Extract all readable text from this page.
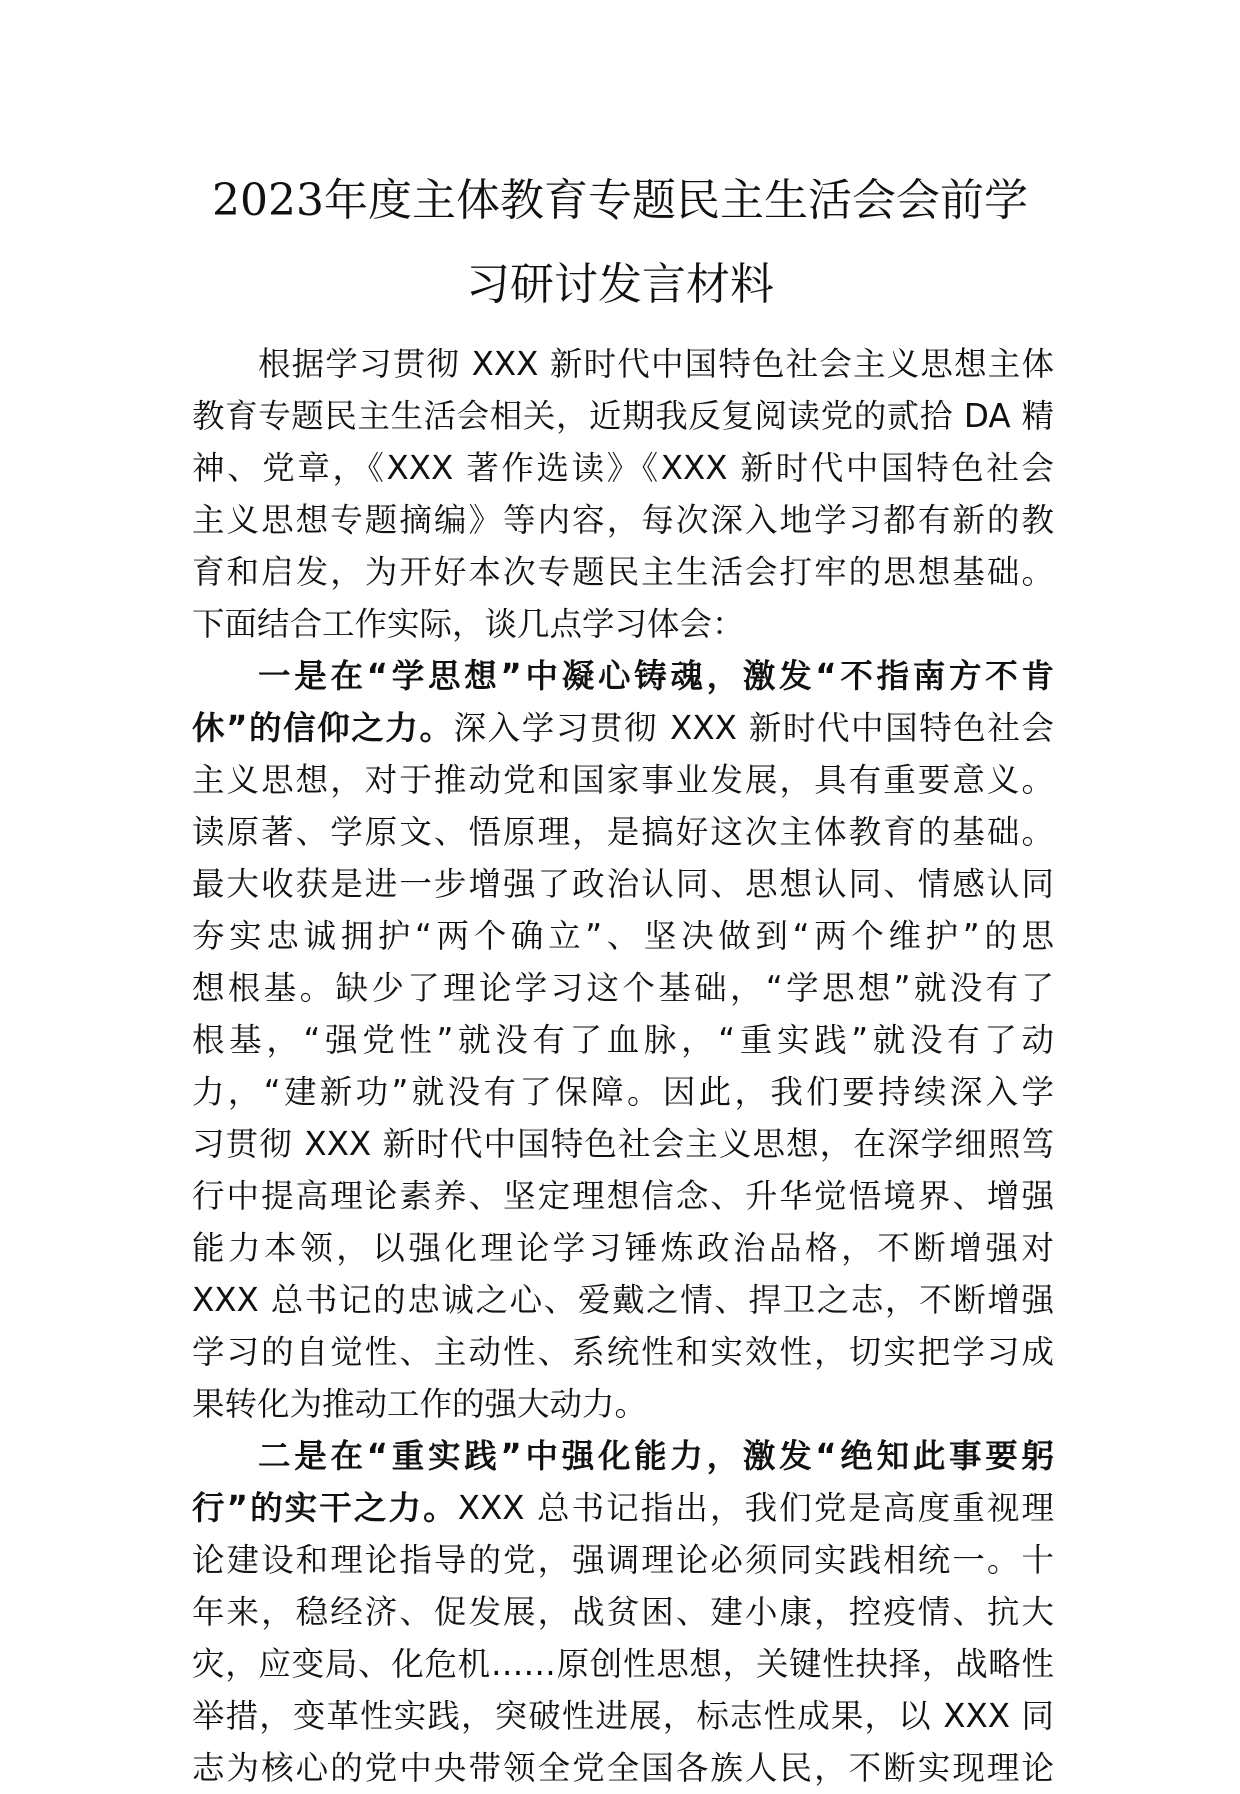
2023年度主体教育专题民主生活会会前学
习研讨发言材料
根据学习贯彻 XXX 新时代中国特色社会主义思想主体
教育专题民主生活会相关，近期我反复阅读党的贰拾 DA 精
神、党章，《XXX 著作选读》《XXX 新时代中国特色社会
主义思想专题摘编》等内容，每次深入地学习都有新的教
育和启发，为开好本次专题民主生活会打牢的思想基础。
下面结合工作实际，谈几点学习体会：
一是在“学思想”中凝心铸魂，激发“不指南方不肯
休”的信仰之力。深入学习贯彻 XXX 新时代中国特色社会
主义思想，对于推动党和国家事业发展，具有重要意义。
读原著、学原文、悟原理，是搞好这次主体教育的基础。
最大收获是进一步增强了政治认同、思想认同、情感认同
夯实忠诚拥护“两个确立”、坚决做到“两个维护”的思
想根基。缺少了理论学习这个基础，“学思想”就没有了
根基，“强党性”就没有了血脉，“重实践”就没有了动
力，“建新功”就没有了保障。因此，我们要持续深入学
习贯彻 XXX 新时代中国特色社会主义思想，在深学细照笃
行中提高理论素养、坚定理想信念、升华觉悟境界、增强
能力本领，以强化理论学习锤炼政治品格，不断增强对
XXX 总书记的忠诚之心、爱戴之情、捍卫之志，不断增强
学习的自觉性、主动性、系统性和实效性，切实把学习成
果转化为推动工作的强大动力。
二是在“重实践”中强化能力，激发“绝知此事要躬
行”的实干之力。XXX 总书记指出，我们党是高度重视理
论建设和理论指导的党，强调理论必须同实践相统一。十
年来，稳经济、促发展，战贫困、建小康，控疫情、抗大
灾，应变局、化危机……原创性思想，关键性抉择，战略性
举措，变革性实践，突破性进展，标志性成果，以 XXX 同
志为核心的党中央带领全党全国各族人民，不断实现理论
